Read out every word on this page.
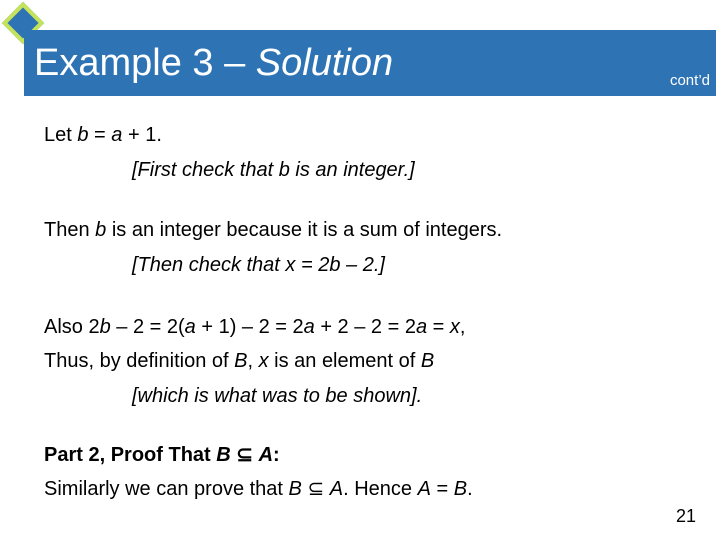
Example 3 – Solution	cont’d

Let b = a + 1.

[First check that b is an integer.]

Then b is an integer because it is a sum of integers.

[Then check that x = 2b – 2.]

Also 2b – 2 = 2(a + 1) – 2 = 2a + 2 – 2 = 2a = x,

Thus, by definition of B, x is an element of B

[which is what was to be shown].

Part 2, Proof That B ⊆ A:

Similarly we can prove that B ⊆ A. Hence A = B.

21
